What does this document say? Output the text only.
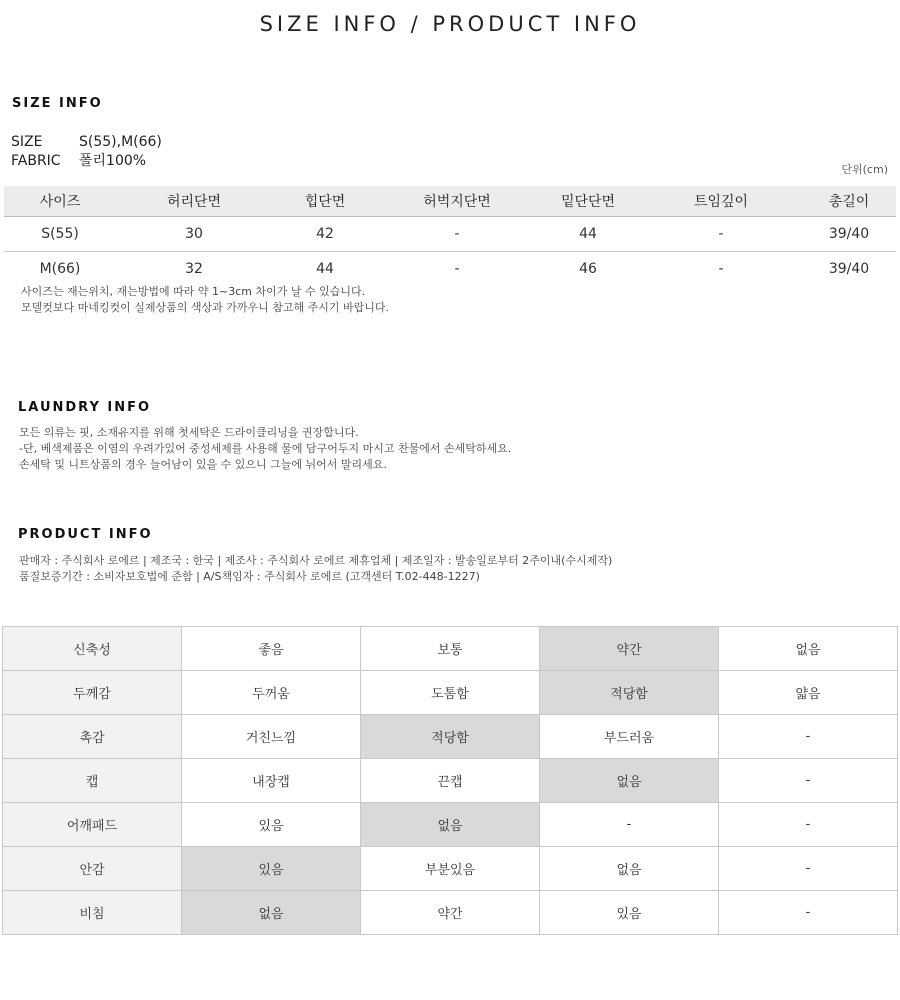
SIZE INFO / PRODUCT INFO
SIZE INFO
SIZE	S(55),M(66)
FABRIC 폴리100%
단위(cm)
사이즈	허리단면	힙단면	허벅지단면	밑단단면	트임깊이	총길이
S(55)	30	42	-	44	-	39/40
M(66)	32	44	-	46	-	39/40
사이즈는 재는위치, 재는방법에 따라 약 1~3cm 차이가 날 수 있습니다.
모델컷보다 마네킹컷이 실제상품의 색상과 가까우니 참고해 주시기 바랍니다.
LAUNDRY INFO
모든 의류는 핏, 소재유지를 위해 첫세탁은 드라이클리닝을 권장합니다.
-단, 베색제품은 이염의 우려가있어 중성세제를 사용해 물에 담구어두지 마시고 찬물에서 손세탁하세요.
손세탁 및 니트상품의 경우 늘어남이 있을 수 있으니 그늘에 뉘어서 말리세요.
PRODUCT INFO
판매자 : 주식회사 로에르 | 제조국 : 한국 | 제조사 : 주식회사 로에르 제휴업체 | 제조일자 : 발송일로부터 2주이내(수시제작)
품질보증기간 : 소비자보호법에 준함 | A/S책임자 : 주식회사 로에르 (고객센터 T.02-448-1227)
신축성	좋음	보통	약간	없음
두께감	두꺼움	도톰함	적당함	얇음
촉감	거친느낌	적당함	부드러움	-
캡	내장캡	끈캡	없음	-
어깨패드	있음	없음	-	-
안감	있음	부분있음	없음	-
비침	없음	약간	있음	-
